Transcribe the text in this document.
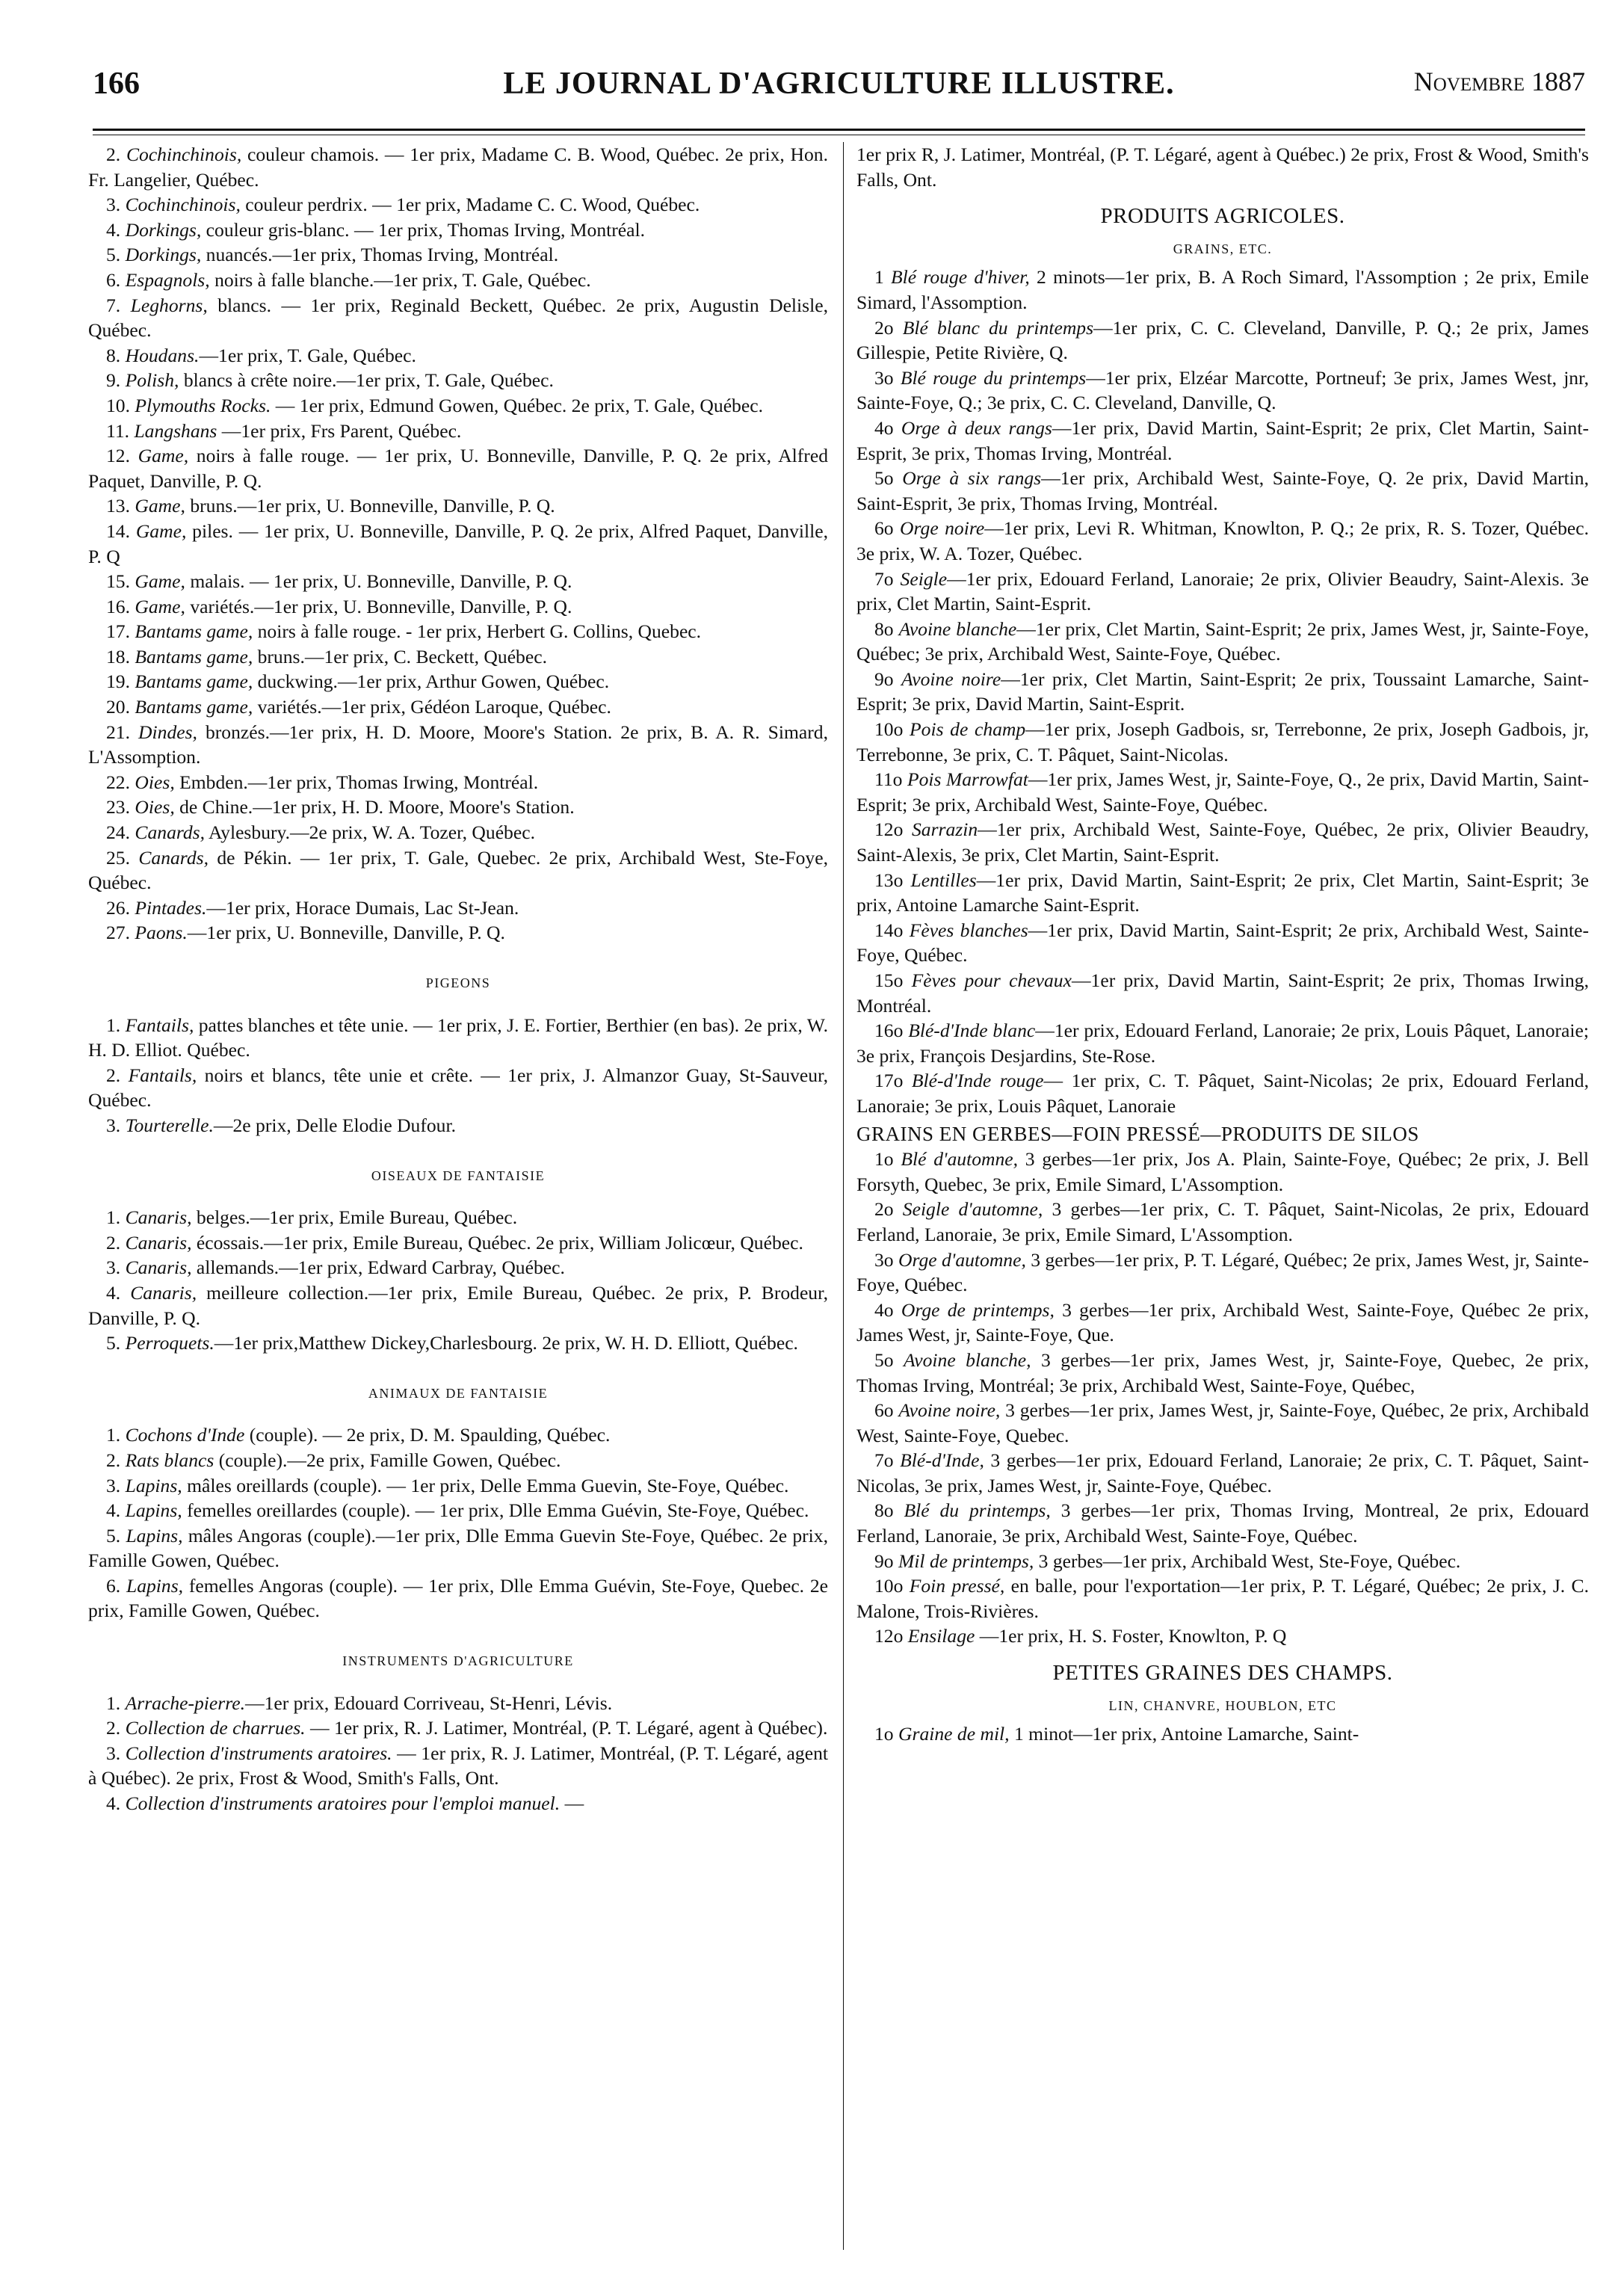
166	LE JOURNAL D'AGRICULTURE ILLUSTRE.	Novembre 1887

2. Cochinchinois, couleur chamois. — 1er prix, Madame C. B. Wood, Québec. 2e prix, Hon. Fr. Langelier, Québec.

3. Cochinchinois, couleur perdrix. — 1er prix, Madame C. C. Wood, Québec.

4. Dorkings, couleur gris-blanc. — 1er prix, Thomas Irving, Montréal.

5. Dorkings, nuancés.—1er prix, Thomas Irving, Montréal.

6. Espagnols, noirs à falle blanche.—1er prix, T. Gale, Québec.

7. Leghorns, blancs. — 1er prix, Reginald Beckett, Québec. 2e prix, Augustin Delisle, Québec.

8. Houdans.—1er prix, T. Gale, Québec.

9. Polish, blancs à crête noire.—1er prix, T. Gale, Québec.

10. Plymouths Rocks. — 1er prix, Edmund Gowen, Québec. 2e prix, T. Gale, Québec.

11. Langshans —1er prix, Frs Parent, Québec.

12. Game, noirs à falle rouge. — 1er prix, U. Bonneville, Danville, P. Q. 2e prix, Alfred Paquet, Danville, P. Q.

13. Game, bruns.—1er prix, U. Bonneville, Danville, P. Q.

14. Game, piles. — 1er prix, U. Bonneville, Danville, P. Q. 2e prix, Alfred Paquet, Danville, P. Q

15. Game, malais. — 1er prix, U. Bonneville, Danville, P. Q.

16. Game, variétés.—1er prix, U. Bonneville, Danville, P. Q.

17. Bantams game, noirs à falle rouge. - 1er prix, Herbert G. Collins, Quebec.

18. Bantams game, bruns.—1er prix, C. Beckett, Québec.

19. Bantams game, duckwing.—1er prix, Arthur Gowen, Québec.

20. Bantams game, variétés.—1er prix, Gédéon Laroque, Québec.

21. Dindes, bronzés.—1er prix, H. D. Moore, Moore's Station. 2e prix, B. A. R. Simard, L'Assomption.

22. Oies, Embden.—1er prix, Thomas Irwing, Montréal.

23. Oies, de Chine.—1er prix, H. D. Moore, Moore's Station.

24. Canards, Aylesbury.—2e prix, W. A. Tozer, Québec.

25. Canards, de Pékin. — 1er prix, T. Gale, Quebec. 2e prix, Archibald West, Ste-Foye, Québec.

26. Pintades.—1er prix, Horace Dumais, Lac St-Jean.

27. Paons.—1er prix, U. Bonneville, Danville, P. Q.

PIGEONS

1. Fantails, pattes blanches et tête unie. — 1er prix, J. E. Fortier, Berthier (en bas). 2e prix, W. H. D. Elliot. Québec.

2. Fantails, noirs et blancs, tête unie et crête. — 1er prix, J. Almanzor Guay, St-Sauveur, Québec.

3. Tourterelle.—2e prix, Delle Elodie Dufour.

OISEAUX DE FANTAISIE

1. Canaris, belges.—1er prix, Emile Bureau, Québec.

2. Canaris, écossais.—1er prix, Emile Bureau, Québec. 2e prix, William Jolicœur, Québec.

3. Canaris, allemands.—1er prix, Edward Carbray, Québec.

4. Canaris, meilleure collection.—1er prix, Emile Bureau, Québec. 2e prix, P. Brodeur, Danville, P. Q.

5. Perroquets.—1er prix,Matthew Dickey,Charlesbourg. 2e prix, W. H. D. Elliott, Québec.

ANIMAUX DE FANTAISIE

1. Cochons d'Inde (couple). — 2e prix, D. M. Spaulding, Québec.

2. Rats blancs (couple).—2e prix, Famille Gowen, Québec.

3. Lapins, mâles oreillards (couple). — 1er prix, Delle Emma Guevin, Ste-Foye, Québec.

4. Lapins, femelles oreillardes (couple). — 1er prix, Dlle Emma Guévin, Ste-Foye, Québec.

5. Lapins, mâles Angoras (couple).—1er prix, Dlle Emma Guevin Ste-Foye, Québec. 2e prix, Famille Gowen, Québec.

6. Lapins, femelles Angoras (couple). — 1er prix, Dlle Emma Guévin, Ste-Foye, Quebec. 2e prix, Famille Gowen, Québec.

INSTRUMENTS D'AGRICULTURE

1. Arrache-pierre.—1er prix, Edouard Corriveau, St-Henri, Lévis.

2. Collection de charrues. — 1er prix, R. J. Latimer, Montréal, (P. T. Légaré, agent à Québec).

3. Collection d'instruments aratoires. — 1er prix, R. J. Latimer, Montréal, (P. T. Légaré, agent à Québec). 2e prix, Frost & Wood, Smith's Falls, Ont.

4. Collection d'instruments aratoires pour l'emploi manuel. —

1er prix R, J. Latimer, Montréal, (P. T. Légaré, agent à Québec.) 2e prix, Frost & Wood, Smith's Falls, Ont.

PRODUITS AGRICOLES.
GRAINS, ETC.

1 Blé rouge d'hiver, 2 minots—1er prix, B. A Roch Simard, l'Assomption ; 2e prix, Emile Simard, l'Assomption.

2o Blé blanc du printemps—1er prix, C. C. Cleveland, Danville, P. Q.; 2e prix, James Gillespie, Petite Rivière, Q.

3o Blé rouge du printemps—1er prix, Elzéar Marcotte, Portneuf; 3e prix, James West, jnr, Sainte-Foye, Q.; 3e prix, C. C. Cleveland, Danville, Q.

4o Orge à deux rangs—1er prix, David Martin, Saint-Esprit; 2e prix, Clet Martin, Saint-Esprit, 3e prix, Thomas Irving, Montréal.

5o Orge à six rangs—1er prix, Archibald West, Sainte-Foye, Q. 2e prix, David Martin, Saint-Esprit, 3e prix, Thomas Irving, Montréal.

6o Orge noire—1er prix, Levi R. Whitman, Knowlton, P. Q.; 2e prix, R. S. Tozer, Québec. 3e prix, W. A. Tozer, Québec.

7o Seigle—1er prix, Edouard Ferland, Lanoraie; 2e prix, Olivier Beaudry, Saint-Alexis. 3e prix, Clet Martin, Saint-Esprit.

8o Avoine blanche—1er prix, Clet Martin, Saint-Esprit; 2e prix, James West, jr, Sainte-Foye, Québec; 3e prix, Archibald West, Sainte-Foye, Québec.

9o Avoine noire—1er prix, Clet Martin, Saint-Esprit; 2e prix, Toussaint Lamarche, Saint-Esprit; 3e prix, David Martin, Saint-Esprit.

10o Pois de champ—1er prix, Joseph Gadbois, sr, Terrebonne, 2e prix, Joseph Gadbois, jr, Terrebonne, 3e prix, C. T. Pâquet, Saint-Nicolas.

11o Pois Marrowfat—1er prix, James West, jr, Sainte-Foye, Q., 2e prix, David Martin, Saint-Esprit; 3e prix, Archibald West, Sainte-Foye, Québec.

12o Sarrazin—1er prix, Archibald West, Sainte-Foye, Québec, 2e prix, Olivier Beaudry, Saint-Alexis, 3e prix, Clet Martin, Saint-Esprit.

13o Lentilles—1er prix, David Martin, Saint-Esprit; 2e prix, Clet Martin, Saint-Esprit; 3e prix, Antoine Lamarche Saint-Esprit.

14o Fèves blanches—1er prix, David Martin, Saint-Esprit; 2e prix, Archibald West, Sainte-Foye, Québec.

15o Fèves pour chevaux—1er prix, David Martin, Saint-Esprit; 2e prix, Thomas Irwing, Montréal.

16o Blé-d'Inde blanc—1er prix, Edouard Ferland, Lanoraie; 2e prix, Louis Pâquet, Lanoraie; 3e prix, François Desjardins, Ste-Rose.

17o Blé-d'Inde rouge— 1er prix, C. T. Pâquet, Saint-Nicolas; 2e prix, Edouard Ferland, Lanoraie; 3e prix, Louis Pâquet, Lanoraie

GRAINS EN GERBES—FOIN PRESSÉ—PRODUITS DE SILOS

1o Blé d'automne, 3 gerbes—1er prix, Jos A. Plain, Sainte-Foye, Québec; 2e prix, J. Bell Forsyth, Quebec, 3e prix, Emile Simard, L'Assomption.

2o Seigle d'automne, 3 gerbes—1er prix, C. T. Pâquet, Saint-Nicolas, 2e prix, Edouard Ferland, Lanoraie, 3e prix, Emile Simard, L'Assomption.

3o Orge d'automne, 3 gerbes—1er prix, P. T. Légaré, Québec; 2e prix, James West, jr, Sainte-Foye, Québec.

4o Orge de printemps, 3 gerbes—1er prix, Archibald West, Sainte-Foye, Québec 2e prix, James West, jr, Sainte-Foye, Que.

5o Avoine blanche, 3 gerbes—1er prix, James West, jr, Sainte-Foye, Quebec, 2e prix, Thomas Irving, Montréal; 3e prix, Archibald West, Sainte-Foye, Québec,

6o Avoine noire, 3 gerbes—1er prix, James West, jr, Sainte-Foye, Québec, 2e prix, Archibald West, Sainte-Foye, Quebec.

7o Blé-d'Inde, 3 gerbes—1er prix, Edouard Ferland, Lanoraie; 2e prix, C. T. Pâquet, Saint-Nicolas, 3e prix, James West, jr, Sainte-Foye, Québec.

8o Blé du printemps, 3 gerbes—1er prix, Thomas Irving, Montreal, 2e prix, Edouard Ferland, Lanoraie, 3e prix, Archibald West, Sainte-Foye, Québec.

9o Mil de printemps, 3 gerbes—1er prix, Archibald West, Ste-Foye, Québec.

10o Foin pressé, en balle, pour l'exportation—1er prix, P. T. Légaré, Québec; 2e prix, J. C. Malone, Trois-Rivières.

12o Ensilage —1er prix, H. S. Foster, Knowlton, P. Q

PETITES GRAINES DES CHAMPS.
LIN, CHANVRE, HOUBLON, ETC

1o Graine de mil, 1 minot—1er prix, Antoine Lamarche, Saint-
